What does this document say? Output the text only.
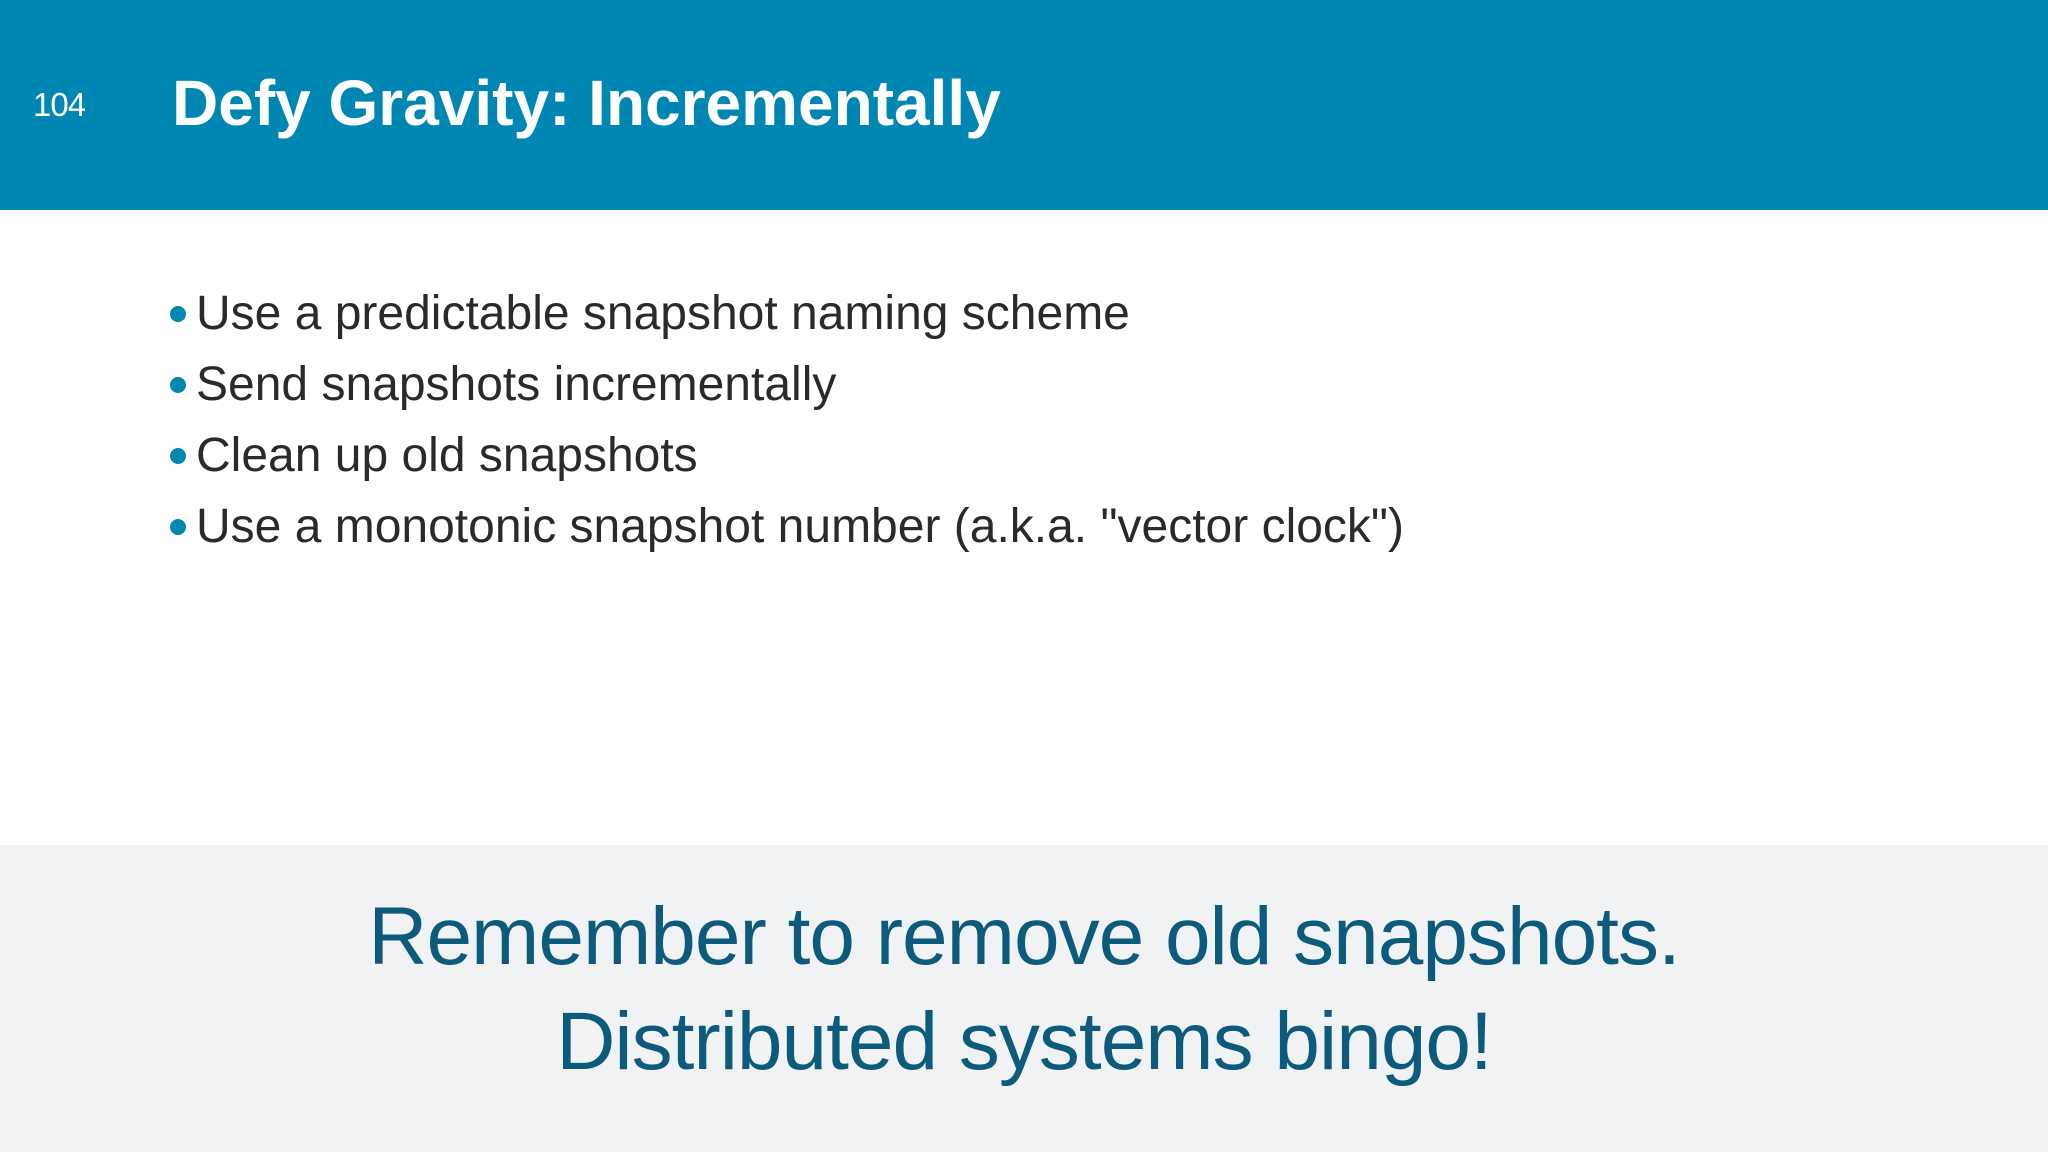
104 Defy Gravity: Incrementally
Use a predictable snapshot naming scheme
Send snapshots incrementally
Clean up old snapshots
Use a monotonic snapshot number (a.k.a. "vector clock")
Remember to remove old snapshots.
Distributed systems bingo!
